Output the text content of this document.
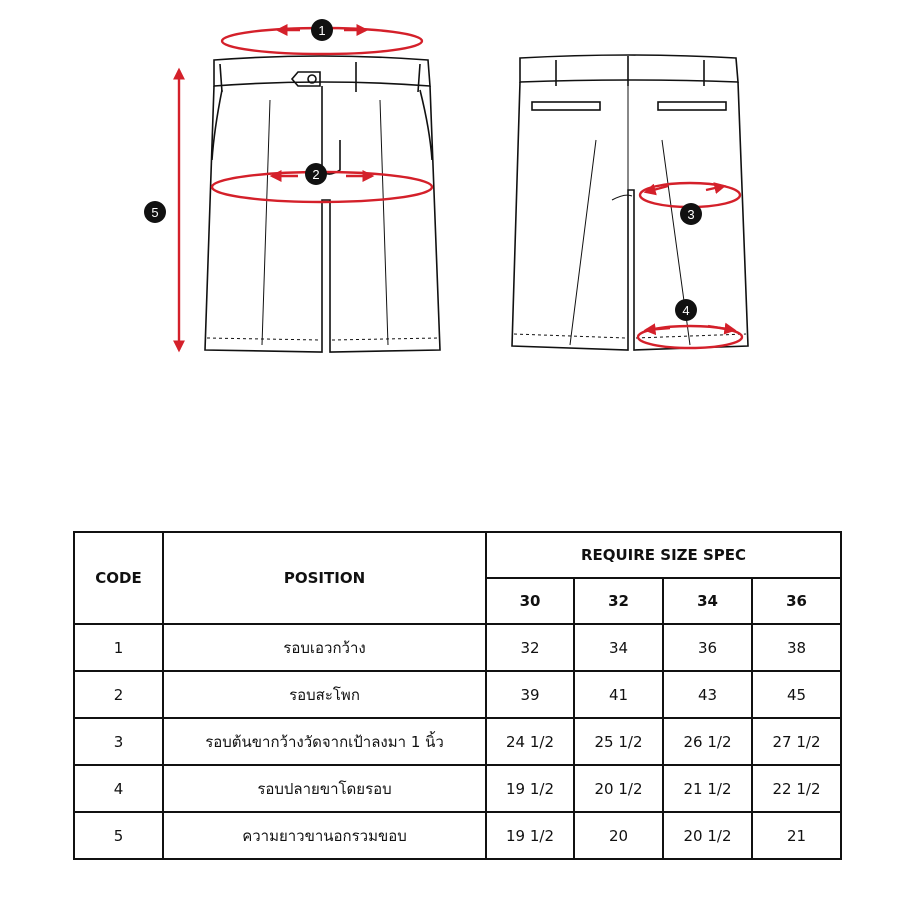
1
2
3
4
5
CODE	POSITION	REQUIRE SIZE SPEC			
		30	32	34	36
1	รอบเอวกว้าง	32	34	36	38
2	รอบสะโพก	39	41	43	45
3	รอบต้นขากว้างวัดจากเป้าลงมา 1 นิ้ว	24 1/2	25 1/2	26 1/2	27 1/2
4	รอบปลายขาโดยรอบ	19 1/2	20 1/2	21 1/2	22 1/2
5	ความยาวขานอกรวมขอบ	19 1/2	20	20 1/2	21
